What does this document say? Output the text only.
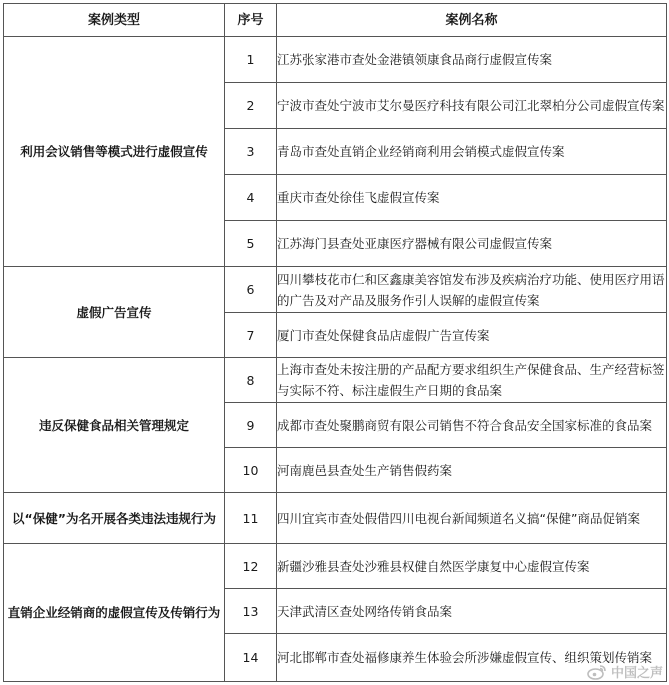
案例类型	序号	案例名称
利用会议销售等模式进行虚假宣传	1	江苏张家港市查处金港镇领康食品商行虚假宣传案
	2	宁波市查处宁波市艾尔曼医疗科技有限公司江北翠柏分公司虚假宣传案
	3	青岛市查处直销企业经销商利用会销模式虚假宣传案
	4	重庆市查处徐佳飞虚假宣传案
	5	江苏海门县查处亚康医疗器械有限公司虚假宣传案
虚假广告宣传	6	四川攀枝花市仁和区鑫康美容馆发布涉及疾病治疗功能、使用医疗用语的广告及对产品及服务作引人误解的虚假宣传案
	7	厦门市查处保健食品店虚假广告宣传案
违反保健食品相关管理规定	8	上海市查处未按注册的产品配方要求组织生产保健食品、生产经营标签与实际不符、标注虚假生产日期的食品案
	9	成都市查处聚鹏商贸有限公司销售不符合食品安全国家标准的食品案
	10	河南鹿邑县查处生产销售假药案
以“保健”为名开展各类违法违规行为	11	四川宜宾市查处假借四川电视台新闻频道名义搞“保健”商品促销案
直销企业经销商的虚假宣传及传销行为	12	新疆沙雅县查处沙雅县权健自然医学康复中心虚假宣传案
	13	天津武清区查处网络传销食品案
	14	河北邯郸市查处福修康养生体验会所涉嫌虚假宣传、组织策划传销案
中国之声
